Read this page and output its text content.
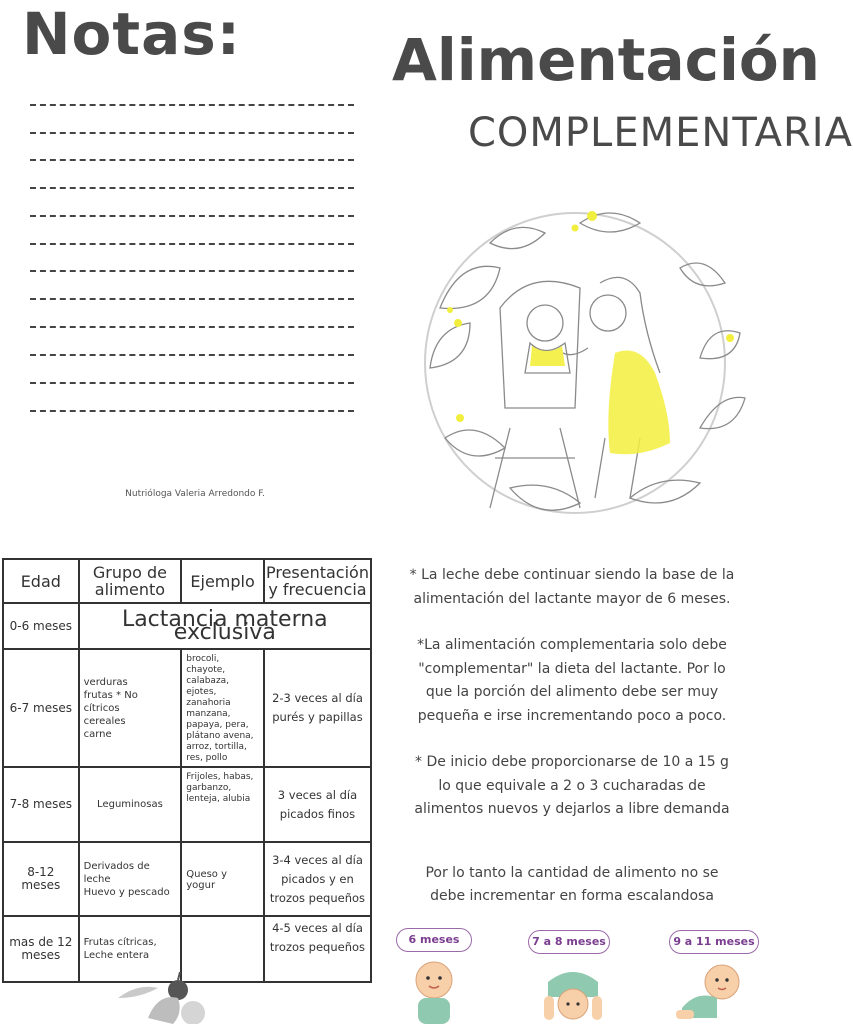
Notas:
Nutrióloga Valeria Arredondo F.
Alimentación
COMPLEMENTARIA
Edad	Grupo de alimento	Ejemplo	Presentación y frecuencia
0-6 meses	Lactancia materna exclusiva		
6-7 meses	verduras
frutas * No cítricos
cereales
carne	brocoli, chayote, calabaza, ejotes, zanahoria manzana, papaya, pera, plátano avena, arroz, tortilla, res, pollo	2-3 veces al día purés y papillas
7-8 meses	Leguminosas	Frijoles, habas, garbanzo, lenteja, alubia	3 veces al día picados finos
8-12 meses	Derivados de leche
Huevo y pescado	Queso y yogur	3-4 veces al día picados y en trozos pequeños
mas de 12 meses	Frutas cítricas,
Leche entera		4-5 veces al día trozos pequeños

* La leche debe continuar siendo la base de la alimentación del lactante mayor de 6 meses.

*La alimentación complementaria solo debe "complementar" la dieta del lactante. Por lo que la porción del alimento debe ser muy pequeña e irse incrementando poco a poco.

* De inicio debe proporcionarse de 10 a 15 g lo que equivale a 2 o 3 cucharadas de alimentos nuevos y dejarlos a libre demanda

Por lo tanto la cantidad de alimento no se debe incrementar en forma escalandosa

6 meses	7 a 8 meses	9 a 11 meses
